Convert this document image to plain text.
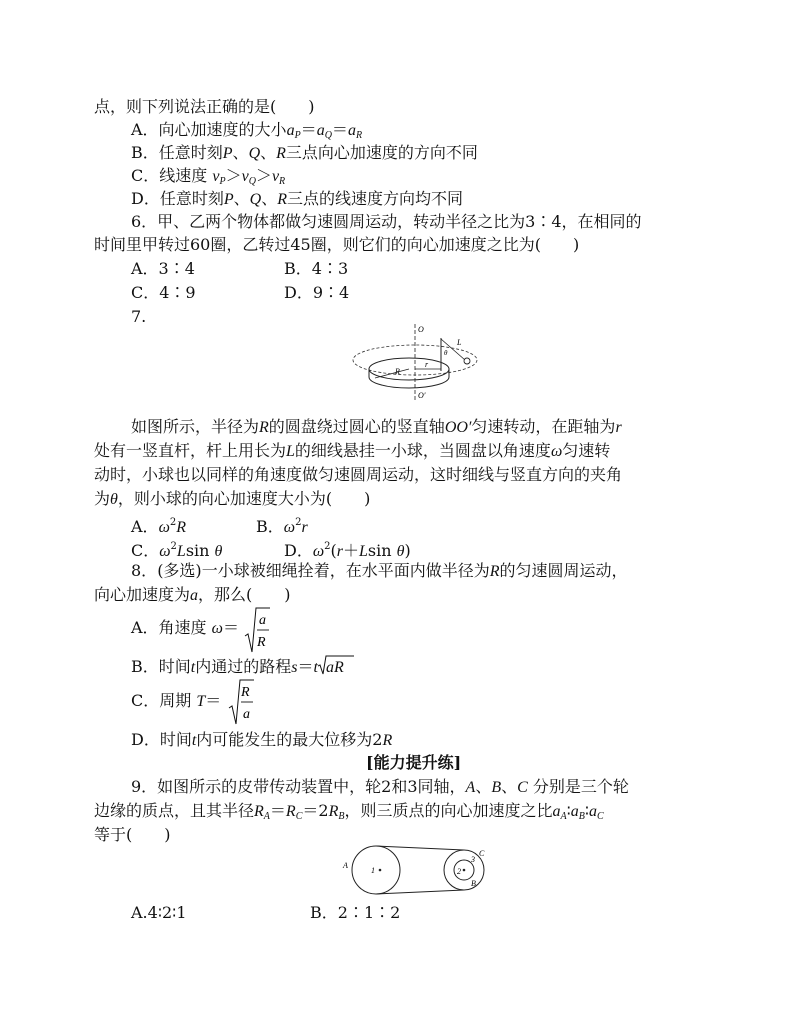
点，则下列说法正确的是(　　)
A．向心加速度的大小$a_P=a_Q=a_R$
B．任意时刻P、Q、R三点向心加速度的方向不同
C．线速度 $v_P>v_Q>v_R$
D．任意时刻P、Q、R三点的线速度方向均不同
6．甲、乙两个物体都做匀速圆周运动，转动半径之比为3∶4，在相同的
时间里甲转过60圈，乙转过45圈，则它们的向心加速度之比为(　　)
A．3∶4	B．4∶3
C．4∶9	D．9∶4
7.
O
O′
R
r
L
θ
如图所示，半径为R的圆盘绕过圆心的竖直轴OO′匀速转动，在距轴为r
处有一竖直杆，杆上用长为L的细线悬挂一小球，当圆盘以角速度ω匀速转
动时，小球也以同样的角速度做匀速圆周运动，这时细线与竖直方向的夹角
为θ，则小球的向心加速度大小为(　　)
A．$\omega^2R$	B．$\omega^2r$
C．$\omega^2Lsin$ θ	D．$\omega^2(r+Lsin$ θ)
8．(多选)一小球被细绳拴着，在水平面内做半径为R的匀速圆周运动，
向心加速度为a，那么(　　)
A．角速度 ω＝ a
R
B．时间t内通过的路程s＝t aR
C．周期 T＝ R
a
D．时间t内可能发生的最大位移为2R
[能力提升练]
9．如图所示的皮带传动装置中，轮2和3同轴，A、B、C 分别是三个轮
边缘的质点，且其半径$R_A=R_C=2R_B$，则三质点的向心加速度之比$a_A∶a_B∶a_C$
等于(　　)
A
1	2
3
C
B
A.4∶2∶1	B．2∶1∶2
